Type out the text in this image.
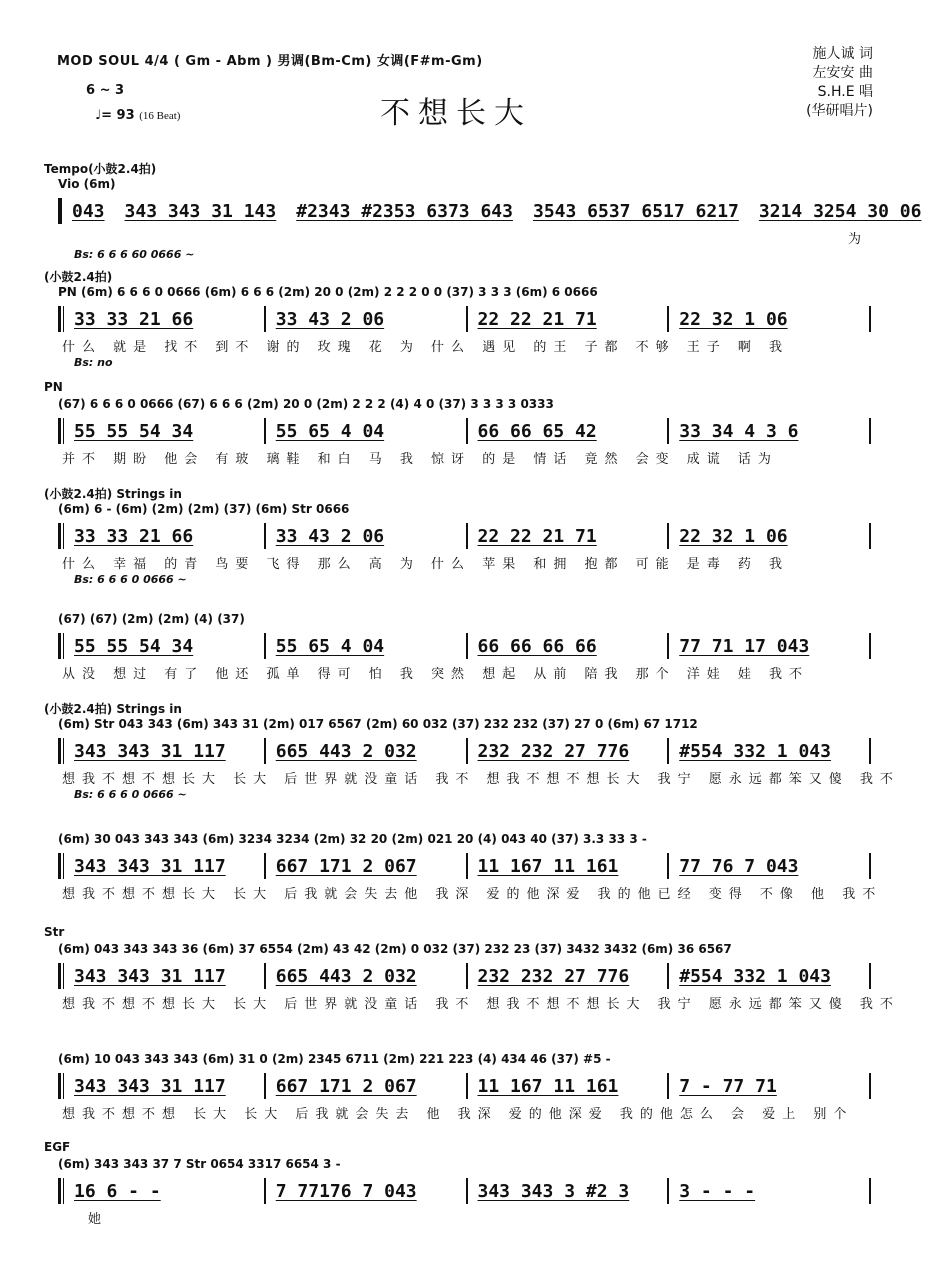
MOD SOUL 4/4 ( Gm - Abm ) 男调(Bm-Cm) 女调(F#m-Gm)
6 ~ 3
♩= 93 (16 Beat)	不想长大
施人诚 词
左安安 曲
S.H.E 唱
(华研唱片)
Tempo(小鼓2.4拍)
Vio (6m)
043 343 343 31 143 #2343 #2353 6373 643 3543 6537 6517 6217 3214 3254 30 06
为
Bs: 6 6 6 60 0666 ~
(小鼓2.4拍)
PN (6m) 6 6 6 0 0666 (6m) 6 6 6 (2m) 20 0 (2m) 2 2 2 0 0 (37) 3 3 3 (6m) 6 0666
33 33 21 66	33 43 2 06	22 22 21 71	22 32 1 06
什么 就是 找不 到不 谢的 玫瑰 花 为 什么 遇见 的王 子都 不够 王子 啊 我
Bs: no
PN
(67) 6 6 6 0 0666 (67) 6 6 6 (2m) 20 0 (2m) 2 2 2 (4) 4 0 (37) 3 3 3 3 0333
55 55 54 34	55 65 4 04	66 66 65 42	33 34 4 3 6
并不 期盼 他会 有玻 璃鞋 和白 马 我 惊讶 的是 情话 竟然 会变 成谎 话为
(小鼓2.4拍) Strings in
(6m) 6 - (6m) (2m) (2m) (37) (6m) Str 0666
33 33 21 66	33 43 2 06	22 22 21 71	22 32 1 06
什么 幸福 的青 鸟要 飞得 那么 高 为 什么 苹果 和拥 抱都 可能 是毒 药 我
Bs: 6 6 6 0 0666 ~
(67) (67) (2m) (2m) (4) (37)
55 55 54 34	55 65 4 04	66 66 66 66	77 71 17 043
从没 想过 有了 他还 孤单 得可 怕 我 突然 想起 从前 陪我 那个 洋娃 娃 我不
(小鼓2.4拍) Strings in
(6m) Str 043 343 (6m) 343 31 (2m) 017 6567 (2m) 60 032 (37) 232 232 (37) 27 0 (6m) 67 1712
343 343 31 117	665 443 2 032	232 232 27 776	#554 332 1 043
想我不想不想长大 长大 后世界就没童话 我不 想我不想不想长大 我宁 愿永远都笨又傻 我不
Bs: 6 6 6 0 0666 ~
(6m) 30 043 343 343 (6m) 3234 3234 (2m) 32 20 (2m) 021 20 (4) 043 40 (37) 3.3 33 3 -
343 343 31 117	667 171 2 067	11 167 11 161	77 76 7 043
想我不想不想长大 长大 后我就会失去他 我深 爱的他深爱 我的他已经 变得 不像 他 我不
Str
(6m) 043 343 343 36 (6m) 37 6554 (2m) 43 42 (2m) 0 032 (37) 232 23 (37) 3432 3432 (6m) 36 6567
343 343 31 117	665 443 2 032	232 232 27 776	#554 332 1 043
想我不想不想长大 长大 后世界就没童话 我不 想我不想不想长大 我宁 愿永远都笨又傻 我不
(6m) 10 043 343 343 (6m) 31 0 (2m) 2345 6711 (2m) 221 223 (4) 434 46 (37) #5 -
343 343 31 117	667 171 2 067	11 167 11 161	7 - 77 71
想我不想不想 长大 长大 后我就会失去 他 我深 爱的他深爱 我的他怎么 会 爱上 别个
EGF
(6m) 343 343 37 7 Str 0654 3317 6654 3 -
16 6 - -	7 77176 7 043	343 343 3 #2 3	3 - - -
她
